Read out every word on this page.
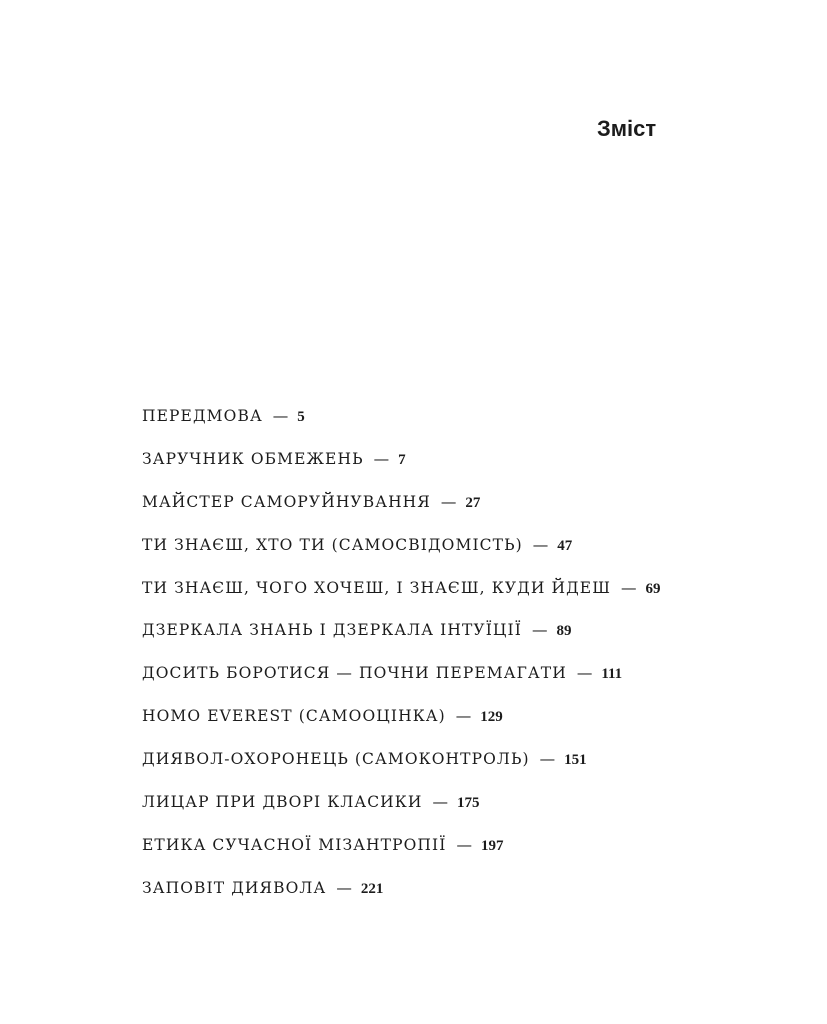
Зміст
ПЕРЕДМОВА — 5
ЗАРУЧНИК ОБМЕЖЕНЬ — 7
МАЙСТЕР САМОРУЙНУВАННЯ — 27
ТИ ЗНАЄШ, ХТО ТИ (САМОСВІДОМІСТЬ) — 47
ТИ ЗНАЄШ, ЧОГО ХОЧЕШ, І ЗНАЄШ, КУДИ ЙДЕШ — 69
ДЗЕРКАЛА ЗНАНЬ І ДЗЕРКАЛА ІНТУЇЦІЇ — 89
ДОСИТЬ БОРОТИСЯ — ПОЧНИ ПЕРЕМАГАТИ — 111
HOMO EVEREST (САМООЦІНКА) — 129
ДИЯВОЛ-ОХОРОНЕЦЬ (САМОКОНТРОЛЬ) — 151
ЛИЦАР ПРИ ДВОРІ КЛАСИКИ — 175
ЕТИКА СУЧАСНОЇ МІЗАНТРОПІЇ — 197
ЗАПОВІТ ДИЯВОЛА — 221
